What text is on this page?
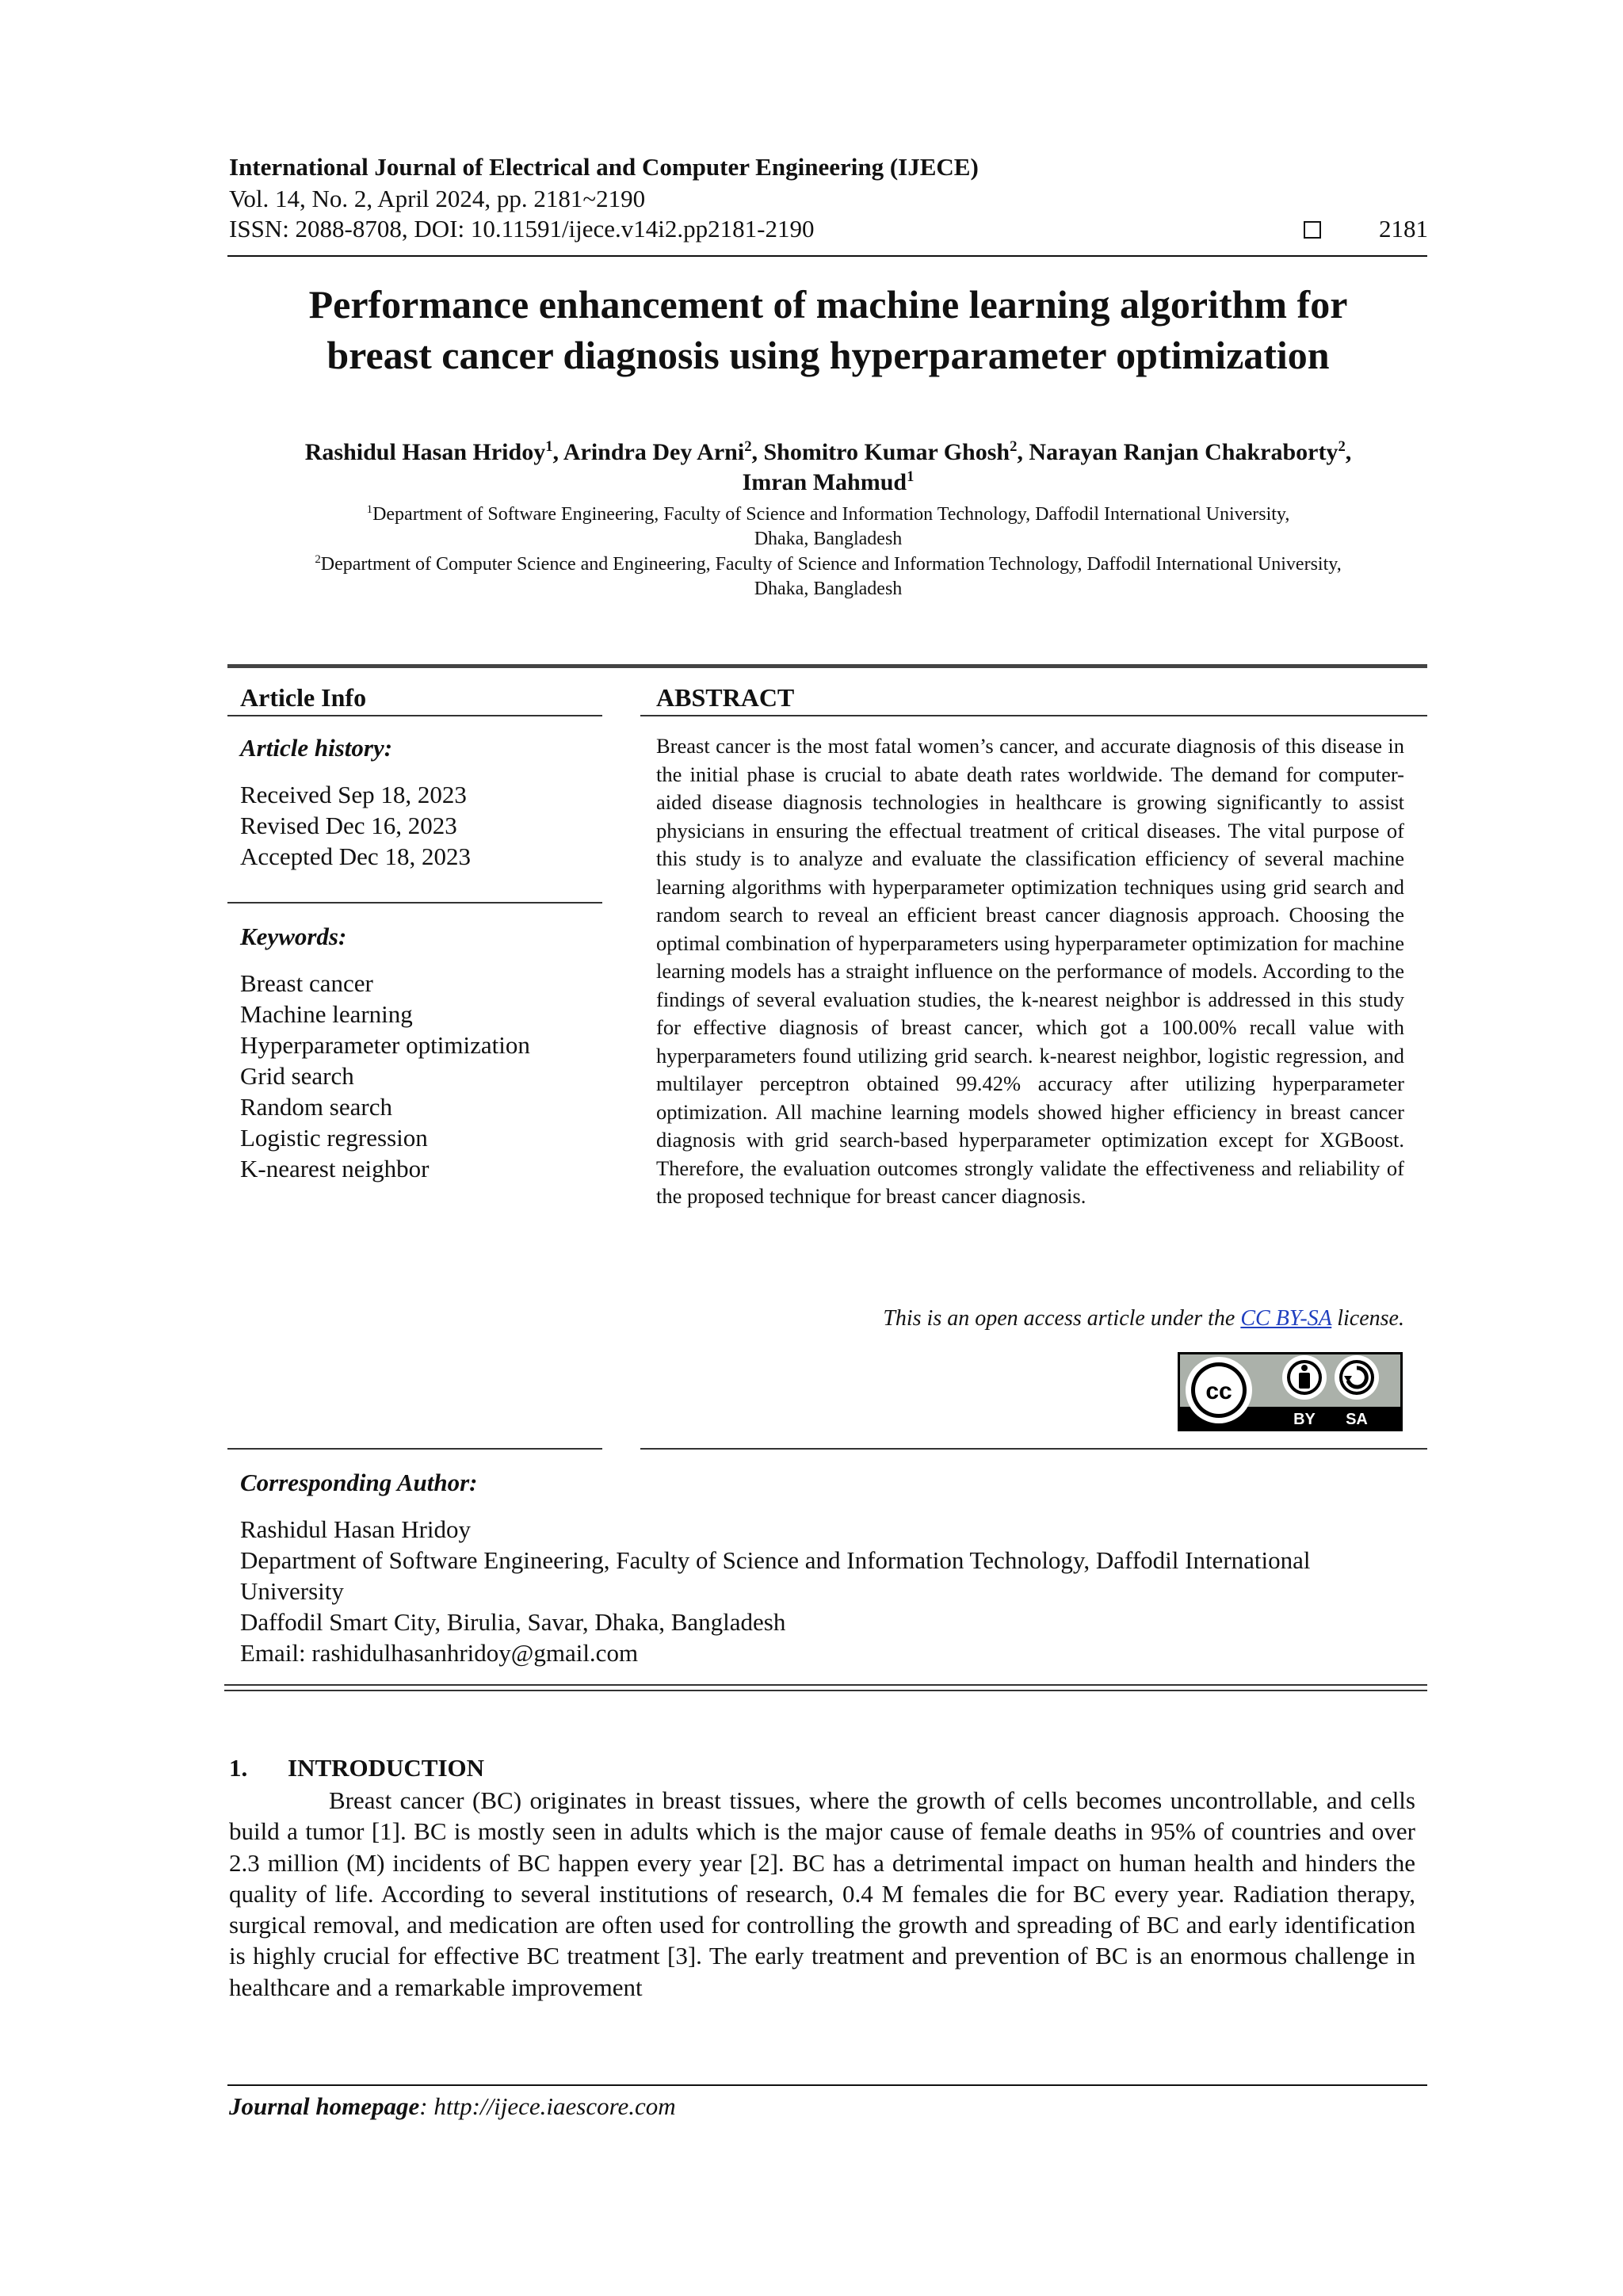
International Journal of Electrical and Computer Engineering (IJECE)
Vol. 14, No. 2, April 2024, pp. 2181~2190
ISSN: 2088-8708, DOI: 10.11591/ijece.v14i2.pp2181-2190	2181
Performance enhancement of machine learning algorithm for
breast cancer diagnosis using hyperparameter optimization
Rashidul Hasan Hridoy$^1$, Arindra Dey Arni$^2$, Shomitro Kumar Ghosh$^2$, Narayan Ranjan Chakraborty$^2$,
Imran Mahmud$^1$
$^1$Department of Software Engineering, Faculty of Science and Information Technology, Daffodil International University,
Dhaka, Bangladesh
$^2$Department of Computer Science and Engineering, Faculty of Science and Information Technology, Daffodil International University,
Dhaka, Bangladesh
Article Info
Article history:
Received Sep 18, 2023
Revised Dec 16, 2023
Accepted Dec 18, 2023
Keywords:
Breast cancer
Machine learning
Hyperparameter optimization
Grid search
Random search
Logistic regression
K-nearest neighbor
ABSTRACT

Breast cancer is the most fatal women’s cancer, and accurate diagnosis of this disease in the initial phase is crucial to abate death rates worldwide. The demand for computer-aided disease diagnosis technologies in healthcare is growing significantly to assist physicians in ensuring the effectual treatment of critical diseases. The vital purpose of this study is to analyze and evaluate the classification efficiency of several machine learning algorithms with hyperparameter optimization techniques using grid search and random search to reveal an efficient breast cancer diagnosis approach. Choosing the optimal combination of hyperparameters using hyperparameter optimization for machine learning models has a straight influence on the performance of models. According to the findings of several evaluation studies, the k-nearest neighbor is addressed in this study for effective diagnosis of breast cancer, which got a 100.00% recall value with hyperparameters found utilizing grid search. k-nearest neighbor, logistic regression, and multilayer perceptron obtained 99.42% accuracy after utilizing hyperparameter optimization. All machine learning models showed higher efficiency in breast cancer diagnosis with grid search-based hyperparameter optimization except for XGBoost. Therefore, the evaluation outcomes strongly validate the effectiveness and reliability of the proposed technique for breast cancer diagnosis.

This is an open access article under the CC BY-SA license.
cc
BY SA
Corresponding Author:
Rashidul Hasan Hridoy
Department of Software Engineering, Faculty of Science and Information Technology, Daffodil International
University
Daffodil Smart City, Birulia, Savar, Dhaka, Bangladesh
Email: rashidulhasanhridoy@gmail.com
1. INTRODUCTION

Breast cancer (BC) originates in breast tissues, where the growth of cells becomes uncontrollable, and cells build a tumor [1]. BC is mostly seen in adults which is the major cause of female deaths in 95% of countries and over 2.3 million (M) incidents of BC happen every year [2]. BC has a detrimental impact on human health and hinders the quality of life. According to several institutions of research, 0.4 M females die for BC every year. Radiation therapy, surgical removal, and medication are often used for controlling the growth and spreading of BC and early identification is highly crucial for effective BC treatment [3]. The early treatment and prevention of BC is an enormous challenge in healthcare and a remarkable improvement

Journal homepage: http://ijece.iaescore.com
